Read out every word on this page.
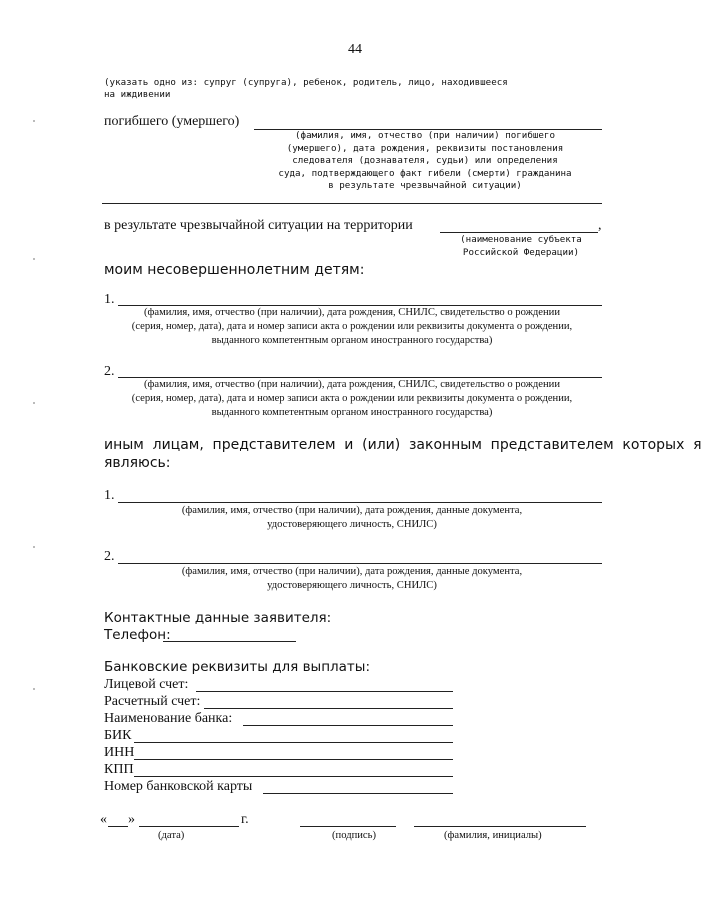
44
(указать одно из: супруг (супруга), ребенок, родитель, лицо, находившееся
на иждивении
погибшего (умершего)
(фамилия, имя, отчество (при наличии) погибшего
(умершего), дата рождения, реквизиты постановления
следователя (дознавателя, судьи) или определения
суда, подтверждающего факт гибели (смерти) гражданина
в результате чрезвычайной ситуации)
в результате чрезвычайной ситуации на территории	,
(наименование субъекта
Российской Федерации)
моим несовершеннолетним детям:
1.
(фамилия, имя, отчество (при наличии), дата рождения, СНИЛС, свидетельство о рождении
(серия, номер, дата), дата и номер записи акта о рождении или реквизиты документа о рождении,
выданного компетентным органом иностранного государства)
2.
(фамилия, имя, отчество (при наличии), дата рождения, СНИЛС, свидетельство о рождении
(серия, номер, дата), дата и номер записи акта о рождении или реквизиты документа о рождении,
выданного компетентным органом иностранного государства)
иным лицам, представителем и (или) законным представителем которых я
являюсь:
1.
(фамилия, имя, отчество (при наличии), дата рождения, данные документа,
удостоверяющего личность, СНИЛС)
2.
(фамилия, имя, отчество (при наличии), дата рождения, данные документа,
удостоверяющего личность, СНИЛС)
Контактные данные заявителя:
Телефон:
Банковские реквизиты для выплаты:
Лицевой счет:
Расчетный счет:
Наименование банка:
БИК
ИНН
КПП
Номер банковской карты
« »	г.
(дата)	(подпись)	(фамилия, инициалы)
